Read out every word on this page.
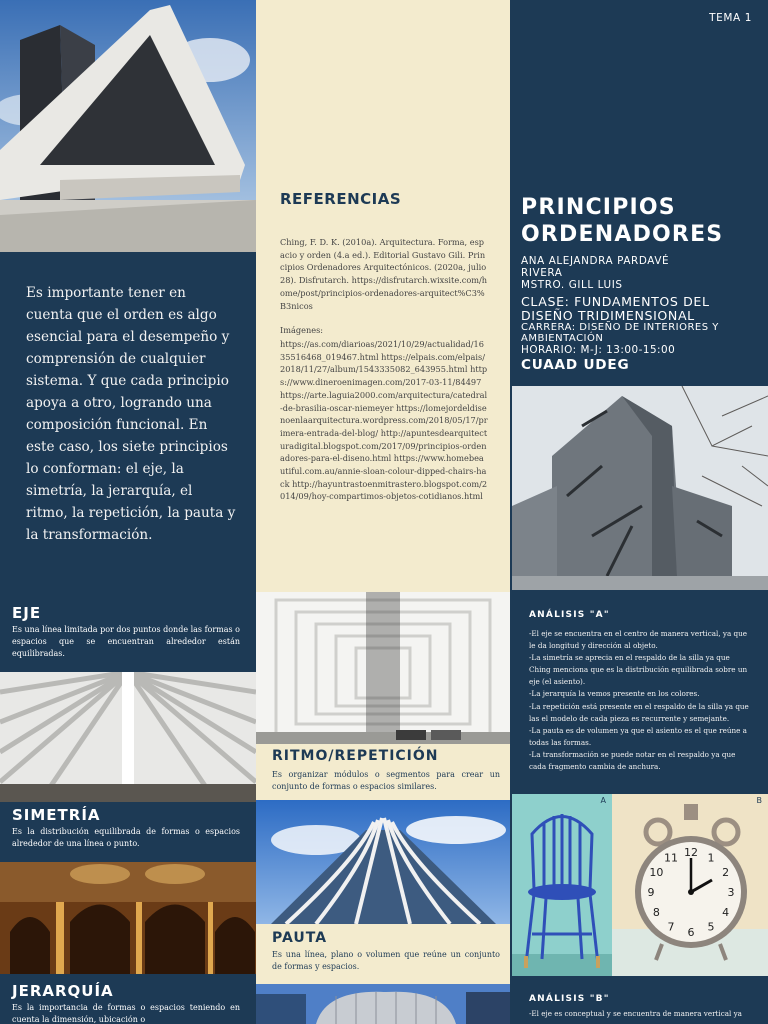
Es importante tener en cuenta que el orden es algo esencial para el desempeño y comprensión de cualquier sistema. Y que cada principio apoya a otro, logrando una composición funcional. En este caso, los siete principios lo conforman: el eje, la simetría, la jerarquía, el ritmo, la repetición, la pauta y la transformación.

EJE

Es una línea limitada por dos puntos donde las formas o espacios que se encuentran alrededor están equilibradas.

SIMETRÍA

Es la distribución equilibrada de formas o espacios alrededor de una línea o punto.

JERARQUÍA

Es la importancia de formas o espacios teniendo en cuenta la dimensión, ubicación o

REFERENCIAS

Ching, F. D. K. (2010a). Arquitectura. Forma, espacio y orden (4.a ed.). Editorial Gustavo Gili. Principios Ordenadores Arquitectónicos. (2020a, julio 28). Disfrutarch. https://disfrutarch.wixsite.com/home/post/principios-ordenadores-arquitect%C3%B3nicos

Imágenes:

https://as.com/diarioas/2021/10/29/actualidad/1635516468_019467.html https://elpais.com/elpais/2018/11/27/album/1543335082_643955.html https://www.dineroenimagen.com/2017-03-11/84497 https://arte.laguia2000.com/arquitectura/catedral-de-brasilia-oscar-niemeyer https://lomejordeldisenoenlaarquitectura.wordpress.com/2018/05/17/primera-entrada-del-blog/ http://apuntesdearquitecturadigital.blogspot.com/2017/09/principios-ordenadores-para-el-diseno.html https://www.homebeautiful.com.au/annie-sloan-colour-dipped-chairs-hack http://hayuntrastoenmitrastero.blogspot.com/2014/09/hoy-compartimos-objetos-cotidianos.html

RITMO/REPETICIÓN

Es organizar módulos o segmentos para crear un conjunto de formas o espacios similares.

PAUTA

Es una línea, plano o volumen que reúne un conjunto de formas y espacios.

TEMA 1
PRINCIPIOS
ORDENADORES
ANA ALEJANDRA PARDAVÉ
RIVERA
MSTRO. GILL LUIS
CLASE: FUNDAMENTOS DEL
DISEÑO TRIDIMENSIONAL
CARRERA: DISEÑO DE INTERIORES Y
AMBIENTACIÓN
HORARIO: M-J: 13:00-15:00
CUAAD UDEG
ANÁLISIS "A"

-El eje se encuentra en el centro de manera vertical, ya que le da longitud y dirección al objeto.

-La simetría se aprecia en el respaldo de la silla ya que Ching menciona que es la distribución equilibrada sobre un eje (el asiento).

-La jerarquía la vemos presente en los colores.

-La repetición está presente en el respaldo de la silla ya que las el modelo de cada pieza es recurrente y semejante.

-La pauta es de volumen ya que el asiento es el que reúne a todas las formas.

-La transformación se puede notar en el respaldo ya que cada fragmento cambia de anchura.

A
12 1
2
3
4
5
6
7
8
9
10
11
B
ANÁLISIS "B"

-El eje es conceptual y se encuentra de manera vertical ya
